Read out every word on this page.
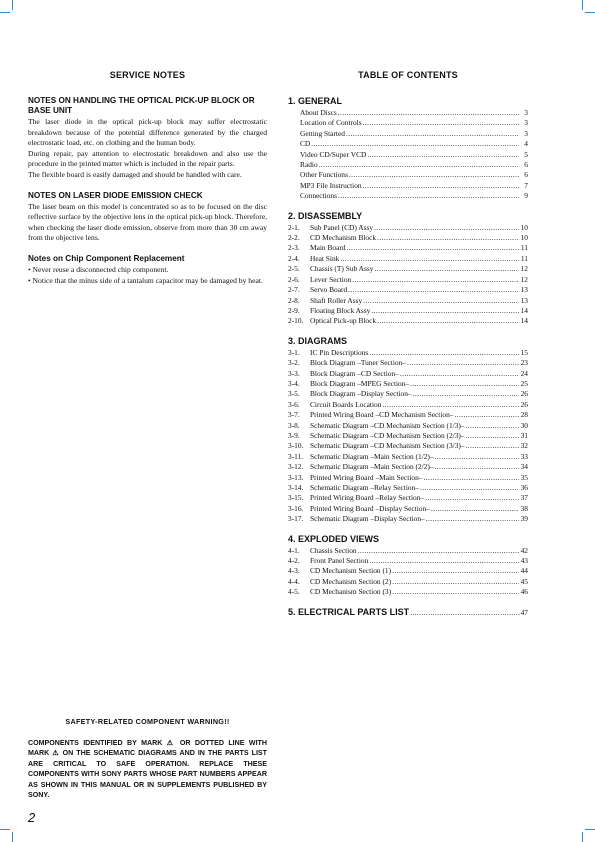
SERVICE NOTES
NOTES ON HANDLING THE OPTICAL PICK-UP BLOCK OR BASE UNIT

The laser diode in the optical pick-up block may suffer electrostatic breakdown because of the potential difference generated by the charged electrostatic load, etc. on clothing and the human body.

During repair, pay attention to electrostatic breakdown and also use the procedure in the printed matter which is included in the repair parts.

The flexible board is easily damaged and should be handled with care.

NOTES ON LASER DIODE EMISSION CHECK

The laser beam on this model is concentrated so as to be focused on the disc reflective surface by the objective lens in the optical pick-up block. Therefore, when checking the laser diode emission, observe from more than 30 cm away from the objective lens.

Notes on Chip Component Replacement

• Never reuse a disconnected chip component.

• Notice that the minus side of a tantalum capacitor may be damaged by heat.

TABLE OF CONTENTS
1. GENERAL
About Discs .....	3
Location of Controls .....	3
Getting Started .....	3
CD .....	4
Video CD/Super VCD .....	5
Radio .....	6
Other Functions .....	6
MP3 File Instruction .....	7
Connections .....	9
2. DISASSEMBLY
2-1.	Sub Panel (CD) Assy .....	10
2-2.	CD Mechanism Block .....	10
2-3.	Main Board .....	11
2-4.	Heat Sink .....	11
2-5.	Chassis (T) Sub Assy .....	12
2-6.	Lever Section .....	12
2-7.	Servo Board .....	13
2-8.	Shaft Roller Assy .....	13
2-9.	Floating Block Assy .....	14
2-10. Optical Pick-up Block .....	14
3. DIAGRAMS
3-1.	IC Pin Descriptions .....	15
3-2.	Block Diagram –Tuner Section– .....	23
3-3.	Block Diagram –CD Section– .....	24
3-4.	Block Diagram –MPEG Section– .....	25
3-5.	Block Diagram –Display Section– .....	26
3-6.	Circuit Boards Location .....	26
3-7.	Printed Wiring Board –CD Mechanism Section– .....	28
3-8.	Schematic Diagram –CD Mechanism Section (1/3)– .....	30
3-9.	Schematic Diagram –CD Mechanism Section (2/3)– .....	31
3-10. Schematic Diagram –CD Mechanism Section (3/3)– .....	32
3-11. Schematic Diagram –Main Section (1/2)– .....	33
3-12. Schematic Diagram –Main Section (2/2)– .....	34
3-13. Printed Wiring Board –Main Section– .....	35
3-14. Schematic Diagram –Relay Section– .....	36
3-15. Printed Wiring Board –Relay Section– .....	37
3-16. Printed Wiring Board –Display Section– .....	38
3-17. Schematic Diagram –Display Section– .....	39
4. EXPLODED VIEWS
4-1.	Chassis Section .....	42
4-2.	Front Panel Section .....	43
4-3.	CD Mechanism Section (1) .....	44
4-4.	CD Mechanism Section (2) .....	45
4-5.	CD Mechanism Section (3) .....	46
5. ELECTRICAL PARTS LIST .....	47
SAFETY-RELATED COMPONENT WARNING!!

COMPONENTS IDENTIFIED BY MARK ⚠ OR DOTTED LINE WITH MARK ⚠ ON THE SCHEMATIC DIAGRAMS AND IN THE PARTS LIST ARE CRITICAL TO SAFE OPERATION. REPLACE THESE COMPONENTS WITH SONY PARTS WHOSE PART NUMBERS APPEAR AS SHOWN IN THIS MANUAL OR IN SUPPLEMENTS PUBLISHED BY SONY.

2
